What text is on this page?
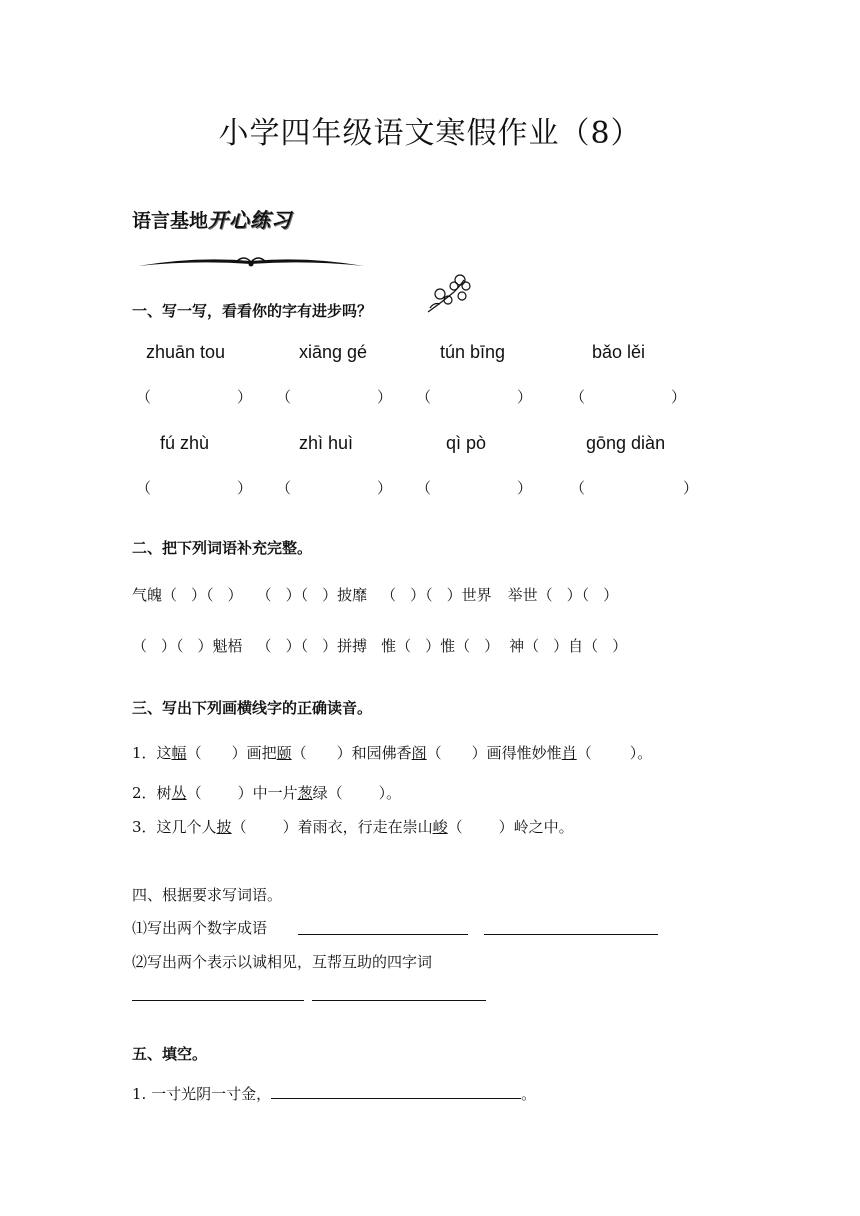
小学四年级语文寒假作业（8）
语言基地开心练习
一、写一写，看看你的字有进步吗？
zhuān tou	xiāng gé	tún bīng	bǎo lěi
（	） （	） （	）	（	）
fú zhù	zhì huì	qì pò	gōng diàn
（	） （	） （	）	（	）
二、把下列词语补充完整。
气魄（ ）（ ） （ ）（ ）披靡 （ ）（ ）世界 举世（ ）（ ）
（ ）（ ）魁梧 （ ）（ ）拼搏 惟（ ）惟（ ） 神（ ）自（ ）
三、写出下列画横线字的正确读音。
1．这幅（ ）画把颐（ ）和园佛香阁（ ）画得惟妙惟肖（	）。
2．树丛（ ）中一片葱绿（ ）。
3．这几个人披（ ）着雨衣，行走在崇山峻（ ）岭之中。
四、根据要求写词语。
⑴写出两个数字成语
⑵写出两个表示以诚相见，互帮互助的四字词
五、填空。
1. 一寸光阴一寸金，	。
